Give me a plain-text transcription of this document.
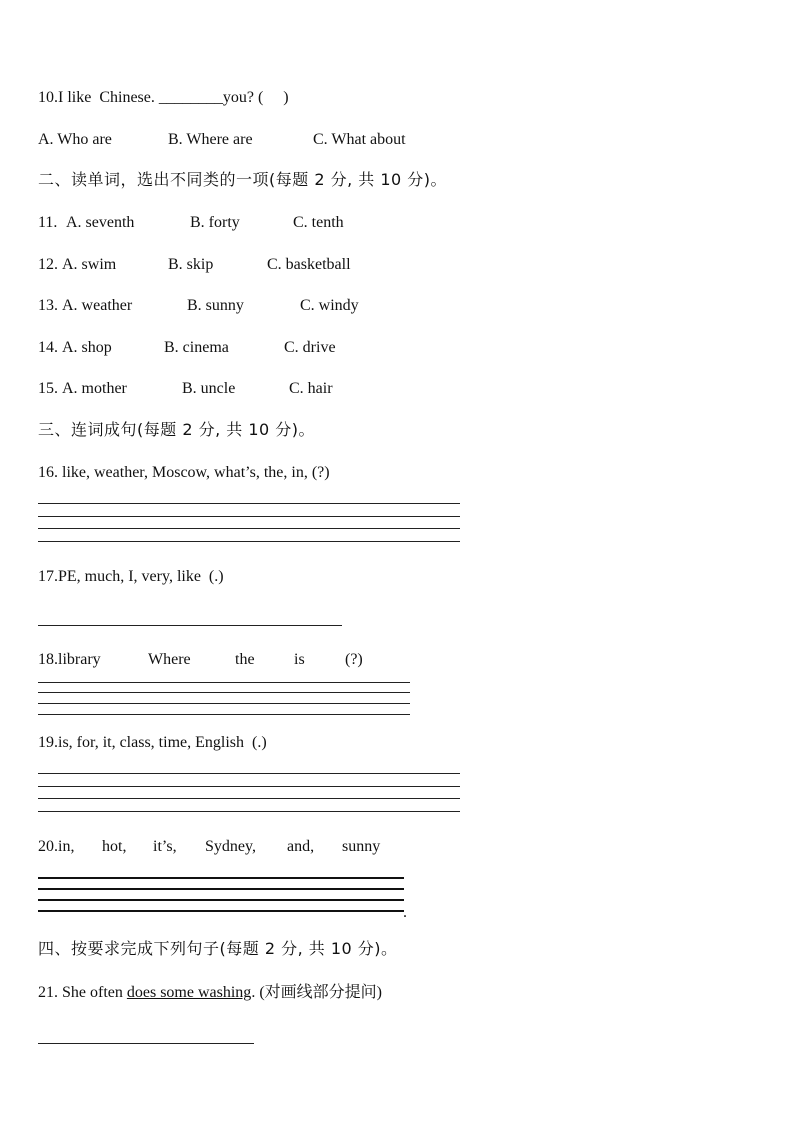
10.I like  Chinese. ________you? (     )
A. Who are	B. Where are	C. What about
二、读单词，选出不同类的一项(每题 2 分, 共 10 分)。
11. A. seventh	B. forty	C. tenth
12. A. swim	B. skip	C. basketball
13. A. weather	B. sunny	C. windy
14. A. shop	B. cinema	C. drive
15. A. mother	B. uncle	C. hair
三、连词成句(每题 2 分, 共 10 分)。
16. like, weather, Moscow, what’s, the, in, (?)
17.PE, much, I, very, like  (.)
18.library	Where	the is	(?)
19.is, for, it, class, time, English  (.)
20.in, hot, it’s, Sydney, and, sunny
.
四、按要求完成下列句子(每题 2 分, 共 10 分)。
21. She often does some washing. (对画线部分提问)
